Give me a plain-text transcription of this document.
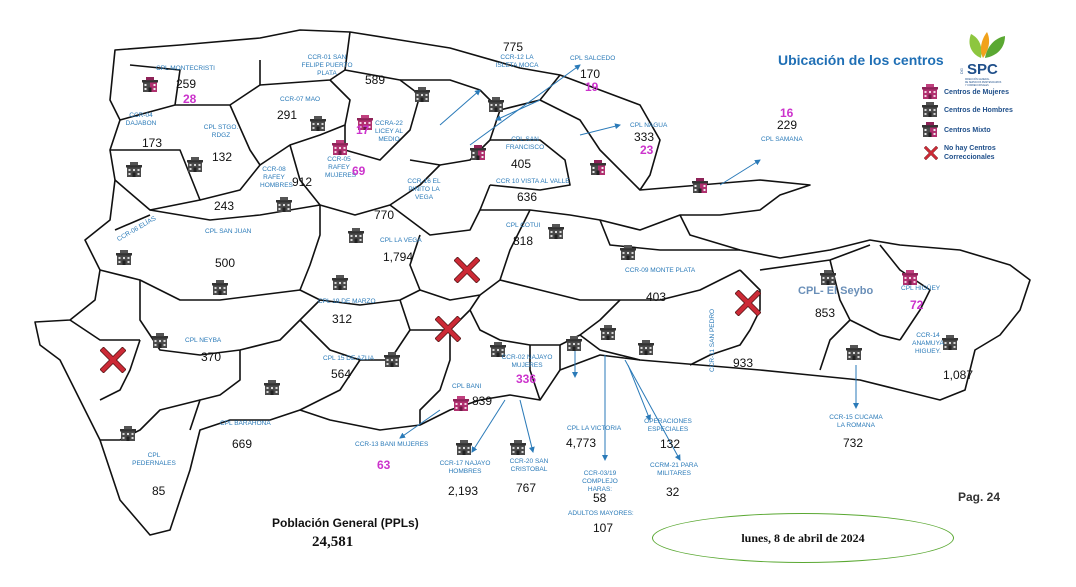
Ubicación de los centros
DG SPC
DIRECCIÓN GENERAL
DE SERVICIOS PENITENCIARIOS
Y CORRECCIONALES
Centros de Mujeres
Centros de Hombres
Centros Mixto
No hay Centros
Correccionales
CPL MONTECRISTI
259
28
CCR-04 DAJABON
173
CPL STGO. RDGZ
132
CCR-07 MAO
291
CCR-01 SAN FELIPE PUERTO PLATA	589
17 CCRA-22 LICEY AL MEDIO
CCR-05 RAFEY MUJERES
69
CCR-08 RAFEY HOMBRES 912
775
CCR-12 LA ISLETA MOCA
CPL SALCEDO
170
19
CPL SAN FRANCISCO
405
CPL NAGUA
333
23
16
229
CPL SAMANA
CCR 10 VISTA AL VALLE
636
243
CCR-06 ELÍAS
CCR-16 EL PINITO LA VEGA
770
CPL LA VEGA
1,794
CPL COTUI
818
CPL SAN JUAN
500
CCR-09 MONTE PLATA
403
CPL 19 DE MARZO
312
CPL- El Seybo
853
CPL HIGÜEY
72
CPL NEYBA
370	CPL 15 DE AZUA
564
CCR-02 NAJAYO MUJERES
336
CCR-11 SAN PEDRO 933
CCR-14 ANAMUYA HIGUEY.
1,087
CPL BANI
839
CPL BARAHONA
669
CPL PEDERNALES
85
CCR-13 BANI MUJERES
63	CCR-17 NAJAYO HOMBRES
2,193
CCR-20 SAN CRISTOBAL
767
CPL LA VICTORIA
4,773
OPERACIONES ESPECIALES
132
CCRM-21 PARA MILITARES
32
CCR-03/19 COMPLEJO HARAS:
58
ADULTOS MAYORES:
107
CCR-15 CUCAMA LA ROMANA
732
Población General (PPLs)
24,581	lunes, 8 de abril de 2024
Pag. 24
